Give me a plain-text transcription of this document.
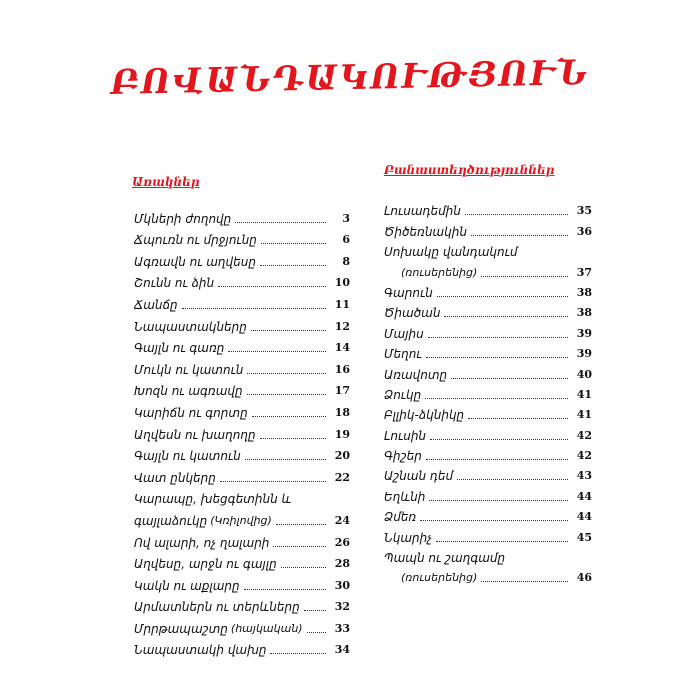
ԲՈՎԱՆԴԱԿՈՒԹՅՈՒՆ
Առակներ
Բանաստեղծություններ
Մկների ժողովը	3
Ճպուռն ու մրջյունը	6
Ագռավն ու աղվեսը	8
Շունն ու ձին	10
Ճանճը	11
Նապաստակները	12
Գայլն ու գառը	14
Մուկն ու կատուն	16
Խոզն ու ագռավը	17
Կարիճն ու գորտը	18
Աղվեսն ու խաղողը	19
Գայլն ու կատուն	20
Վատ ընկերը	22
Կարապը, խեցգետինն և
գայլաձուկը (Կռիլովից)	24
Ով ալարի, ոչ ղալարի	26
Աղվեսը, արջն ու գայլը	28
Կակն ու աքլարը	30
Արմատներն ու տերևները	32
Մրրթապաշտը (հայկական)	33
Նապաստակի վախը	34
Լուսադեմին	35
Ծիծեռնակին	36
Սոխակը վանդակում
(ռուսերենից)	37
Գարուն	38
Ծիածան	38
Մայիս	39
Մեղու	39
Առավոտը	40
Ձուկը	41
Բլլիկ-ձկնիկը	41
Լուսին	42
Գիշեր	42
Աշնան դեմ	43
Եղևնի	44
Ձմեռ	44
Նկարիչ	45
Պապն ու շաղգամը
(ռուսերենից)	46
